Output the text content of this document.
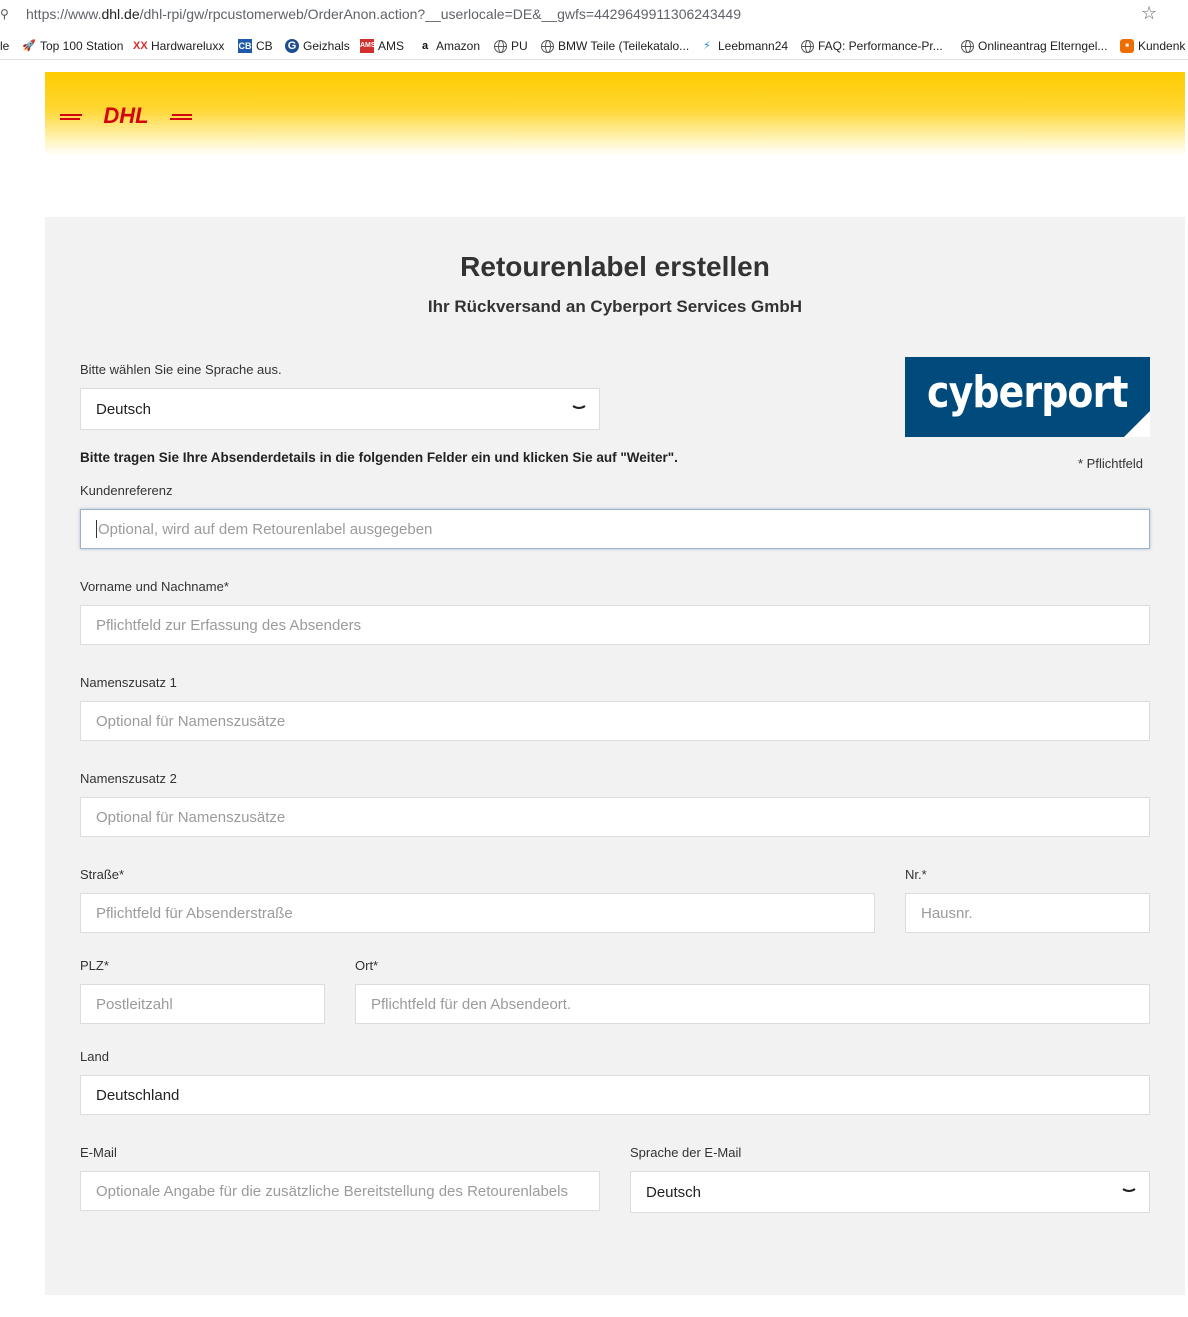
⚲ https://www.dhl.de/dhl-rpi/gw/rpcustomerweb/OrderAnon.action?__userlocale=DE&__gwfs=4429649911306243449	☆
le 🚀 Top 100 Station XX Hardwareluxx CB CB G Geizhals AMS AMS	a Amazon	PU	BMW Teile (Teilekatalo... ⚡ Leebmann24 FAQ: Performance-Pr...	Onlineantrag Elterngel...	■ Kundenk
DHL
Retourenlabel erstellen
Ihr Rückversand an Cyberport Services GmbH
Bitte wählen Sie eine Sprache aus.
Deutsch	cyberport
Bitte tragen Sie Ihre Absenderdetails in die folgenden Felder ein und klicken Sie auf "Weiter".	* Pflichtfeld
Kundenreferenz
Optional, wird auf dem Retourenlabel ausgegeben
Vorname und Nachname*
Pflichtfeld zur Erfassung des Absenders
Namenszusatz 1
Optional für Namenszusätze
Namenszusatz 2
Optional für Namenszusätze
Straße*
Pflichtfeld für Absenderstraße
Nr.*
Hausnr.
PLZ*
Postleitzahl
Ort*
Pflichtfeld für den Absendeort.
Land
Deutschland
E-Mail
Optionale Angabe für die zusätzliche Bereitstellung des Retourenlabels
Sprache der E-Mail
Deutsch
